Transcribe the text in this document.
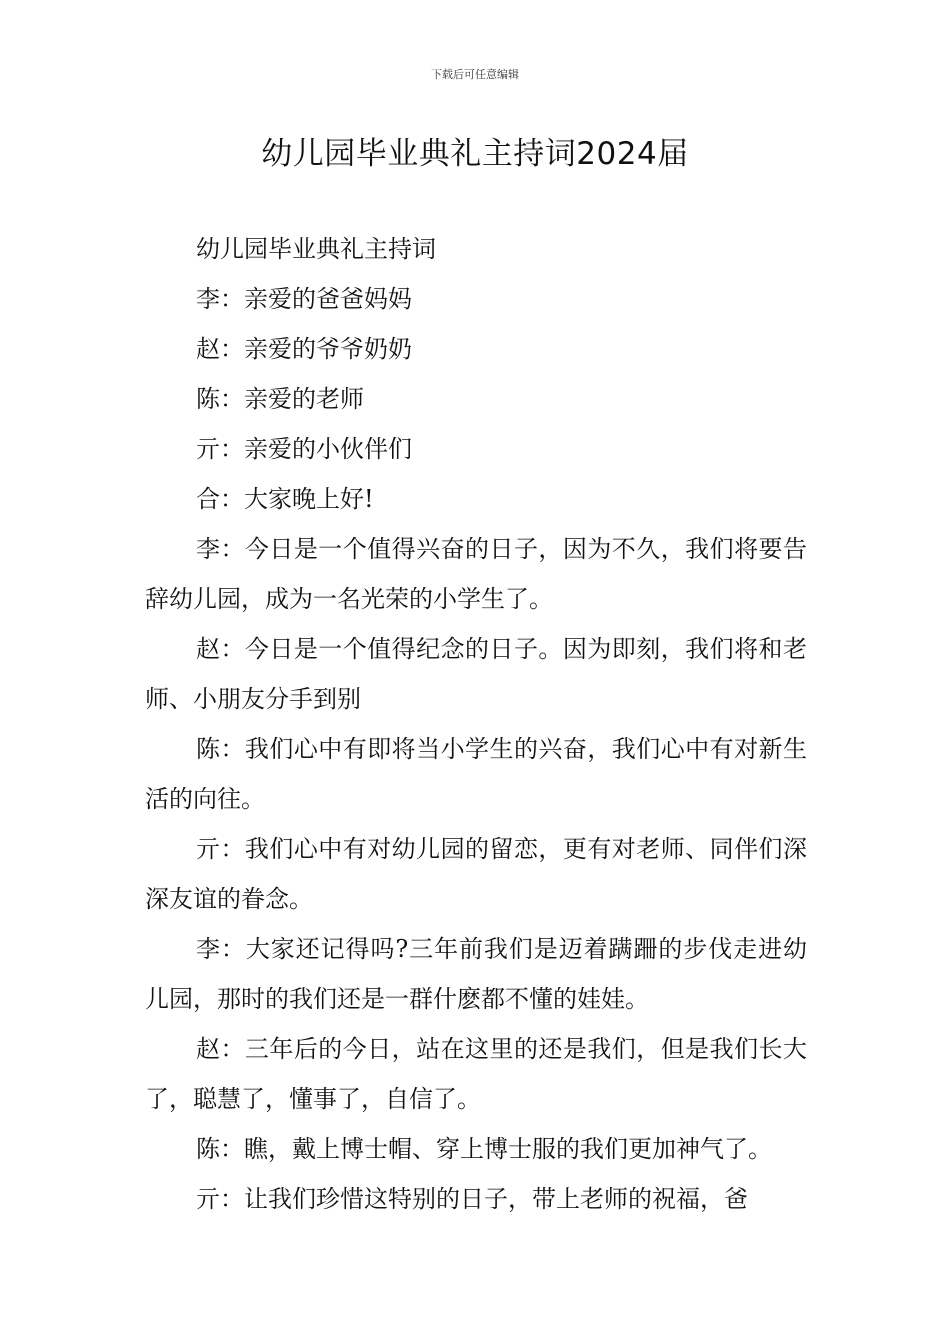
下载后可任意编辑
幼儿园毕业典礼主持词2024届

幼儿园毕业典礼主持词

李：亲爱的爸爸妈妈

赵：亲爱的爷爷奶奶

陈：亲爱的老师

亓：亲爱的小伙伴们

合：大家晚上好!

李：今日是一个值得兴奋的日子，因为不久，我们将要告辞幼儿园，成为一名光荣的小学生了。

赵：今日是一个值得纪念的日子。因为即刻，我们将和老师、小朋友分手到别

陈：我们心中有即将当小学生的兴奋，我们心中有对新生活的向往。

亓：我们心中有对幼儿园的留恋，更有对老师、同伴们深深友谊的眷念。

李：大家还记得吗?三年前我们是迈着蹒跚的步伐走进幼儿园，那时的我们还是一群什麽都不懂的娃娃。

赵：三年后的今日，站在这里的还是我们，但是我们长大了，聪慧了，懂事了，自信了。

陈：瞧，戴上博士帽、穿上博士服的我们更加神气了。

亓：让我们珍惜这特别的日子，带上老师的祝福，爸
